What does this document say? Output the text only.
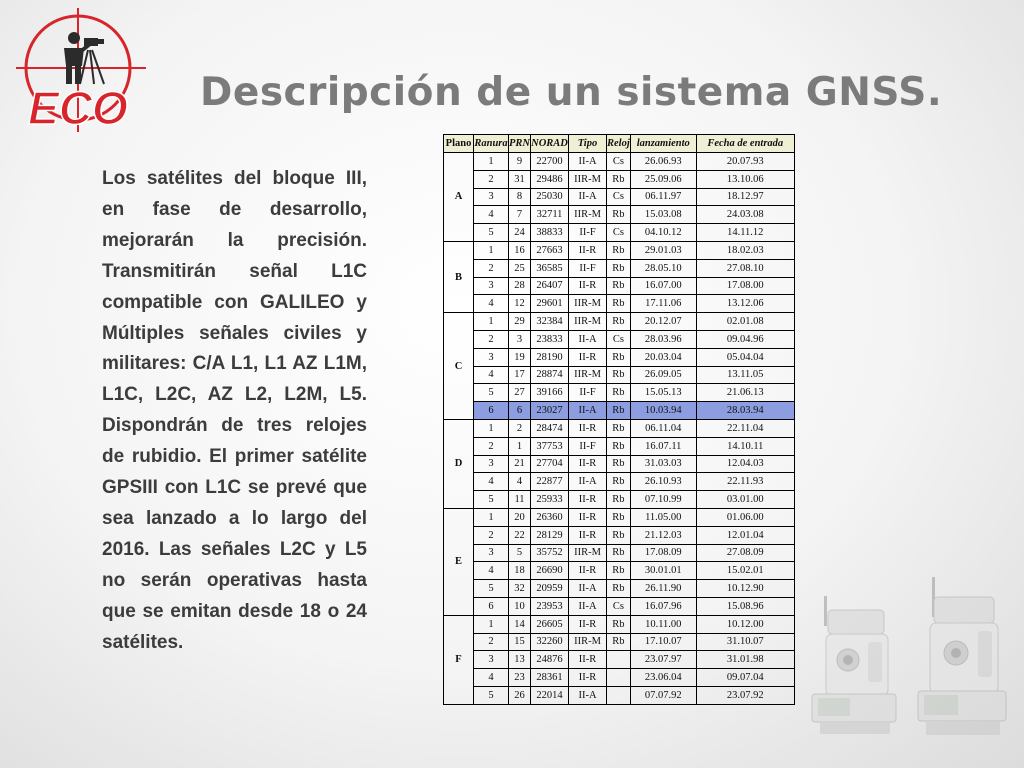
ECO Descripción de un sistema GNSS.

Los satélites del bloque III, en fase de desarrollo, mejorarán la precisión. Transmitirán señal L1C compatible con GALILEO y Múltiples señales civiles y militares: C/A L1, L1 AZ L1M, L1C, L2C, AZ L2, L2M, L5. Dispondrán de tres relojes de rubidio. El primer satélite GPSIII con L1C se prevé que sea lanzado a lo largo del 2016. Las señales L2C y L5 no serán operativas hasta que se emitan desde 18 o 24 satélites.

Plano	Ranura	PRN	NORAD	Tipo	Reloj	lanzamiento	Fecha de entrada
A	1	9	22700	II-A	Cs	26.06.93	20.07.93
	2	31	29486	IIR-M	Rb	25.09.06	13.10.06
	3	8	25030	II-A	Cs	06.11.97	18.12.97
	4	7	32711	IIR-M	Rb	15.03.08	24.03.08
	5	24	38833	II-F	Cs	04.10.12	14.11.12
B	1	16	27663	II-R	Rb	29.01.03	18.02.03
	2	25	36585	II-F	Rb	28.05.10	27.08.10
	3	28	26407	II-R	Rb	16.07.00	17.08.00
	4	12	29601	IIR-M	Rb	17.11.06	13.12.06
C	1	29	32384	IIR-M	Rb	20.12.07	02.01.08
	2	3	23833	II-A	Cs	28.03.96	09.04.96
	3	19	28190	II-R	Rb	20.03.04	05.04.04
	4	17	28874	IIR-M	Rb	26.09.05	13.11.05
	5	27	39166	II-F	Rb	15.05.13	21.06.13
	6	6	23027	II-A	Rb	10.03.94	28.03.94
D	1	2	28474	II-R	Rb	06.11.04	22.11.04
	2	1	37753	II-F	Rb	16.07.11	14.10.11
	3	21	27704	II-R	Rb	31.03.03	12.04.03
	4	4	22877	II-A	Rb	26.10.93	22.11.93
	5	11	25933	II-R	Rb	07.10.99	03.01.00
E	1	20	26360	II-R	Rb	11.05.00	01.06.00
	2	22	28129	II-R	Rb	21.12.03	12.01.04
	3	5	35752	IIR-M	Rb	17.08.09	27.08.09
	4	18	26690	II-R	Rb	30.01.01	15.02.01
	5	32	20959	II-A	Rb	26.11.90	10.12.90
	6	10	23953	II-A	Cs	16.07.96	15.08.96
F	1	14	26605	II-R	Rb	10.11.00	10.12.00
	2	15	32260	IIR-M	Rb	17.10.07	31.10.07
	3	13	24876	II-R		23.07.97	31.01.98
	4	23	28361	II-R		23.06.04	09.07.04
	5	26	22014	II-A		07.07.92	23.07.92
